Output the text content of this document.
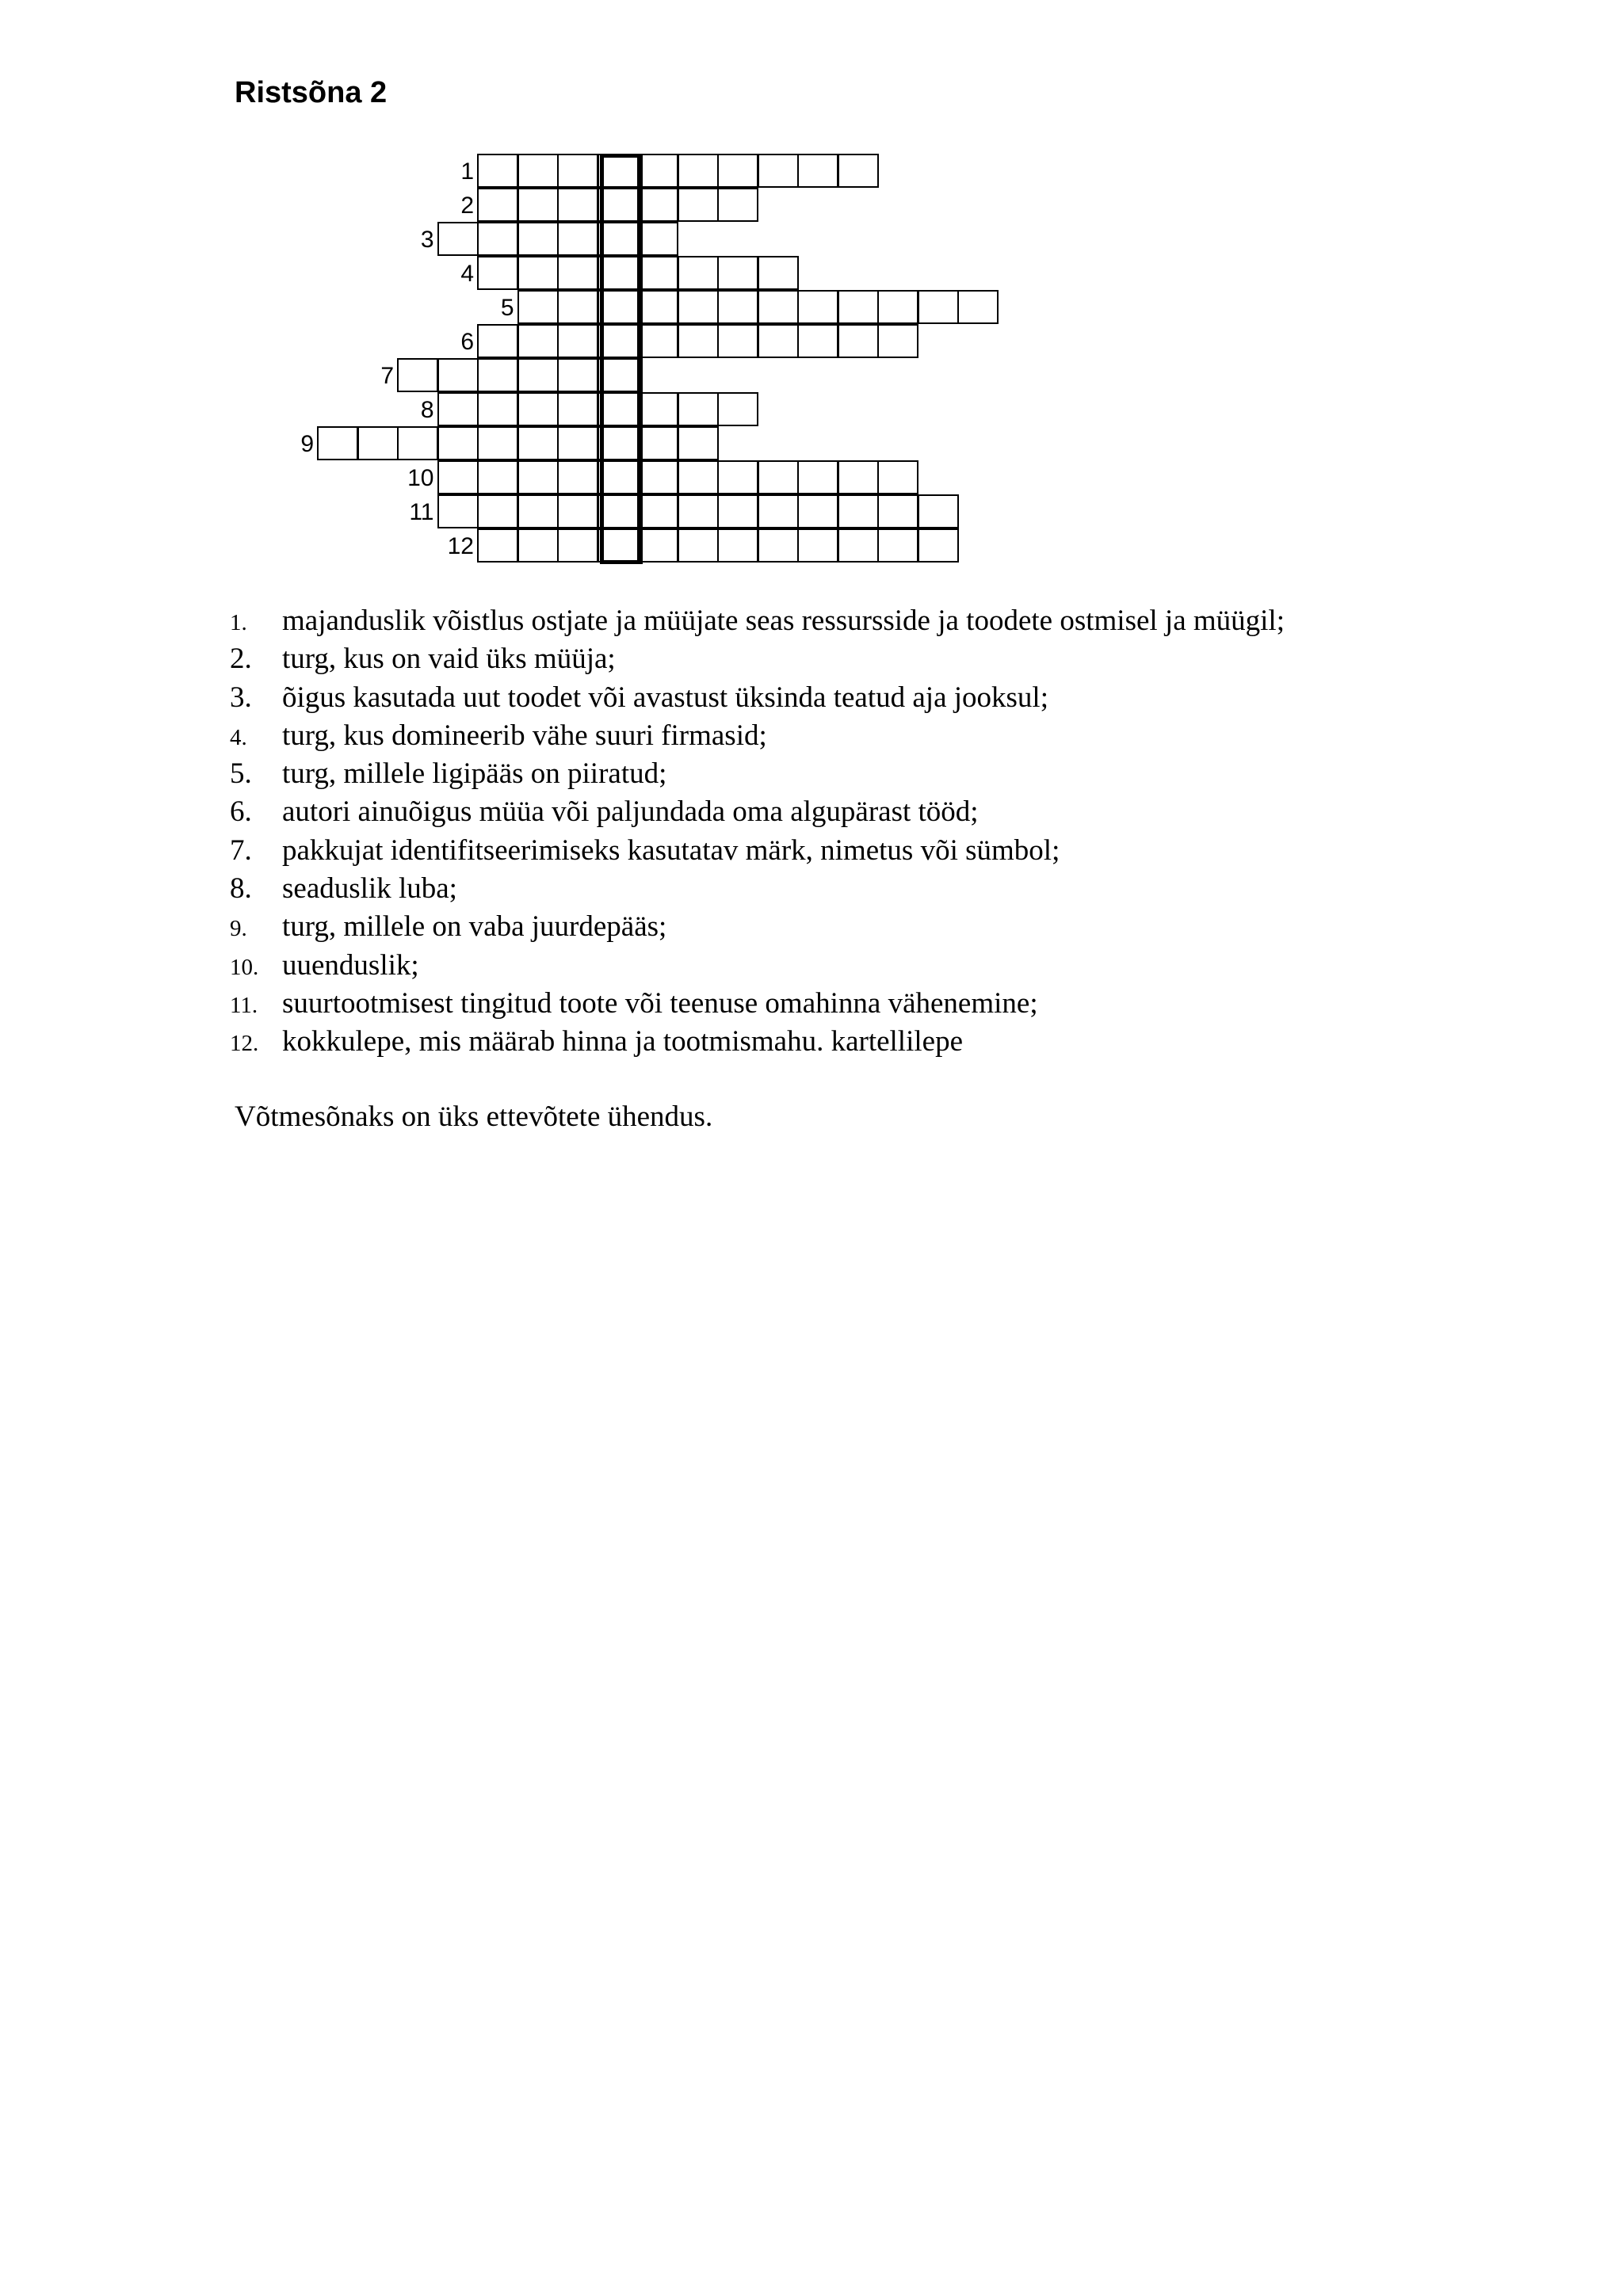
Ristsõna 2
1
2
3
4
5
6
7
8
9
10
11
12
1. majanduslik võistlus ostjate ja müüjate seas ressursside ja toodete ostmisel ja müügil;
2. turg, kus on vaid üks müüja;
3. õigus kasutada uut toodet või avastust üksinda teatud aja jooksul;
4. turg, kus domineerib vähe suuri firmasid;
5. turg, millele ligipääs on piiratud;
6. autori ainuõigus müüa või paljundada oma algupärast tööd;
7. pakkujat identifitseerimiseks kasutatav märk, nimetus või sümbol;
8. seaduslik luba;
9. turg, millele on vaba juurdepääs;
10. uuenduslik;
11. suurtootmisest tingitud toote või teenuse omahinna vähenemine;
12. kokkulepe, mis määrab hinna ja tootmismahu. kartellilepe

Võtmesõnaks on üks ettevõtete ühendus.
